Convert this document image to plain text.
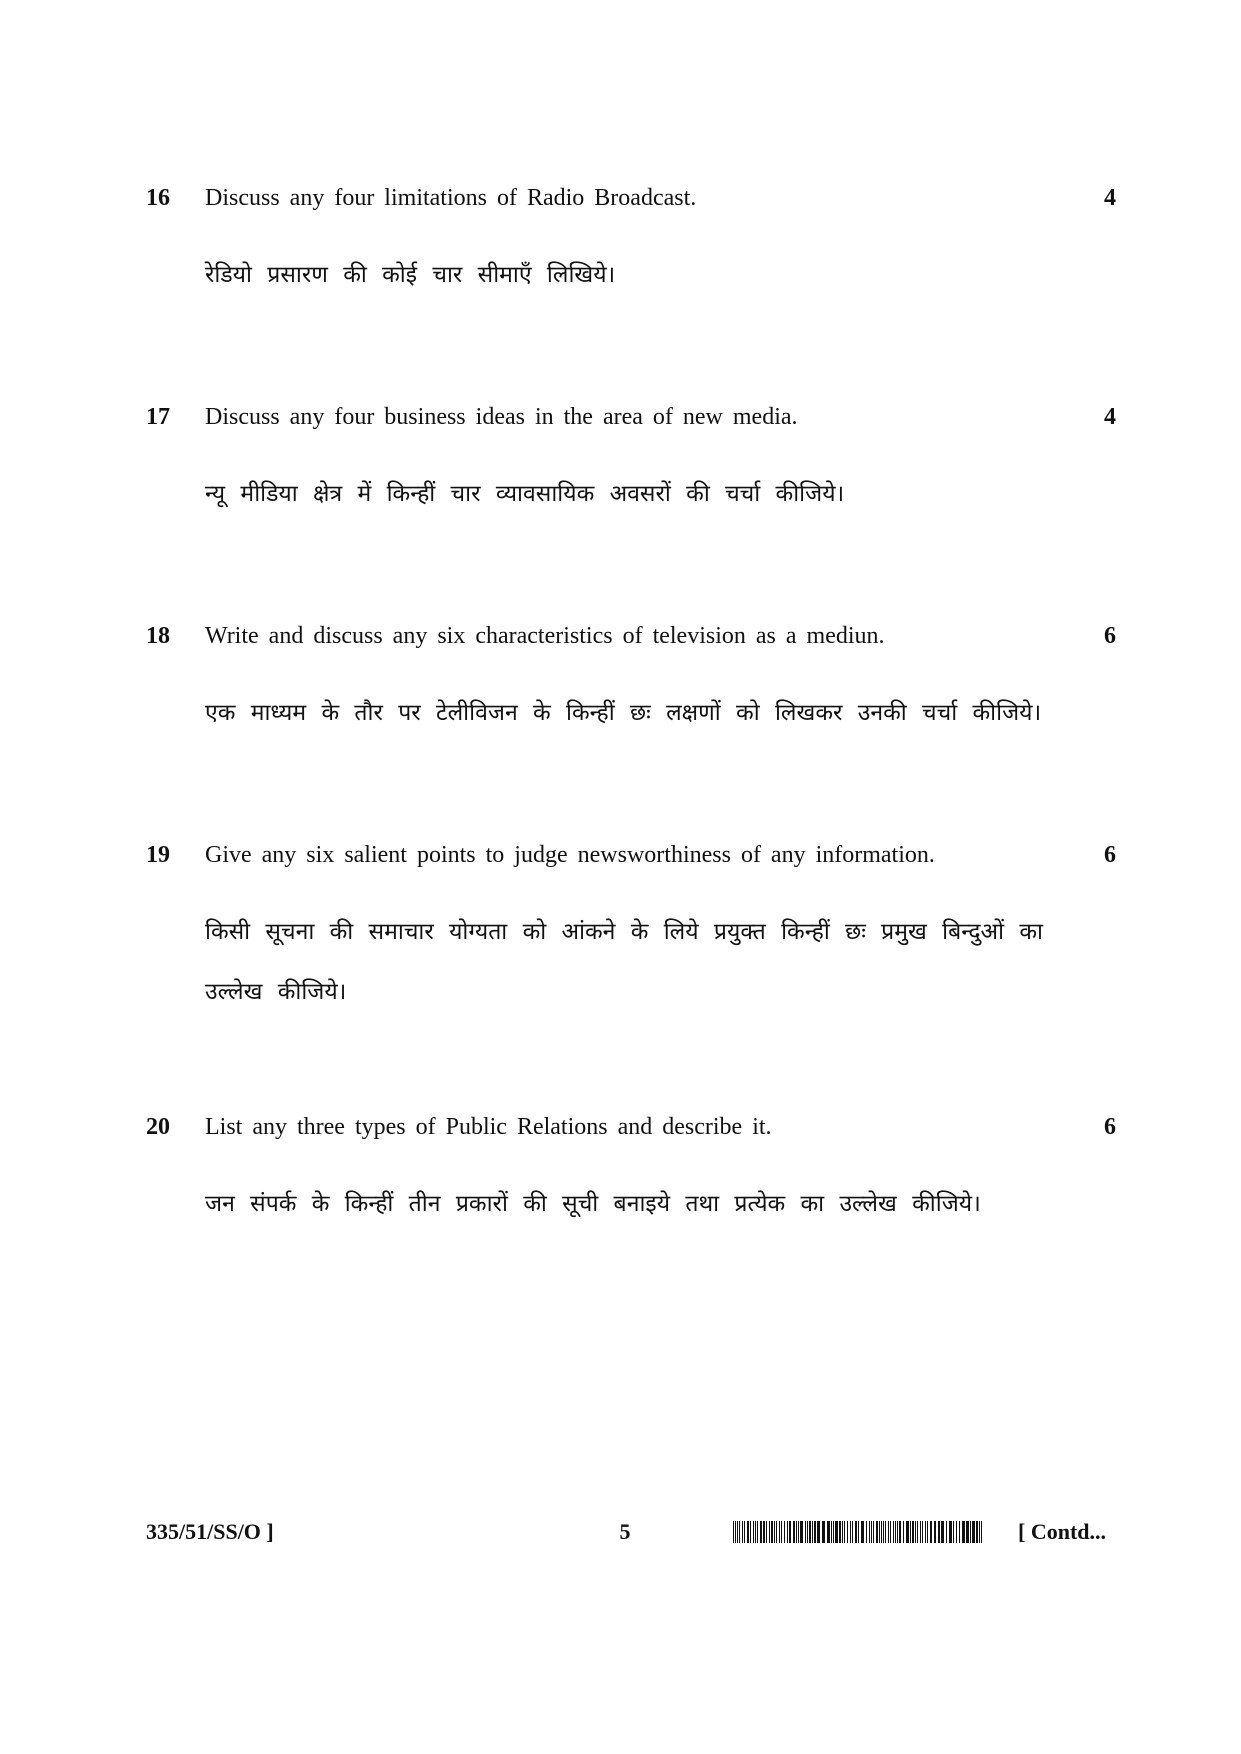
16 Discuss any four limitations of Radio Broadcast.	4
रेडियो प्रसारण की कोई चार सीमाएँ लिखिये।
17 Discuss any four business ideas in the area of new media.	4
न्यू मीडिया क्षेत्र में किन्हीं चार व्यावसायिक अवसरों की चर्चा कीजिये।
18 Write and discuss any six characteristics of television as a mediun.	6
एक माध्यम के तौर पर टेलीविजन के किन्हीं छः लक्षणों को लिखकर उनकी चर्चा कीजिये।
19 Give any six salient points to judge newsworthiness of any information.	6
किसी सूचना की समाचार योग्यता को आंकने के लिये प्रयुक्त किन्हीं छः प्रमुख बिन्दुओं का उल्लेख कीजिये।
20 List any three types of Public Relations and describe it.	6
जन संपर्क के किन्हीं तीन प्रकारों की सूची बनाइये तथा प्रत्येक का उल्लेख कीजिये।
335/51/SS/O ]	5	[ Contd...
